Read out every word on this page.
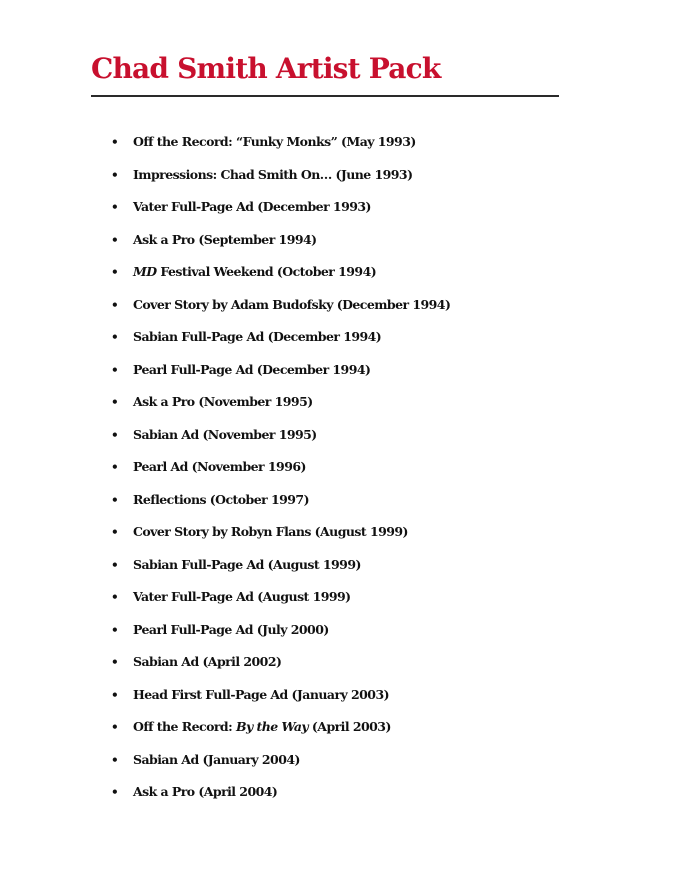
Chad Smith Artist Pack
• Off the Record: “Funky Monks” (May 1993)
• Impressions: Chad Smith On… (June 1993)
• Vater Full-Page Ad (December 1993)
• Ask a Pro (September 1994)
• MD Festival Weekend (October 1994)
• Cover Story by Adam Budofsky (December 1994)
• Sabian Full-Page Ad (December 1994)
• Pearl Full-Page Ad (December 1994)
• Ask a Pro (November 1995)
• Sabian Ad (November 1995)
• Pearl Ad (November 1996)
• Reflections (October 1997)
• Cover Story by Robyn Flans (August 1999)
• Sabian Full-Page Ad (August 1999)
• Vater Full-Page Ad (August 1999)
• Pearl Full-Page Ad (July 2000)
• Sabian Ad (April 2002)
• Head First Full-Page Ad (January 2003)
• Off the Record: By the Way (April 2003)
• Sabian Ad (January 2004)
• Ask a Pro (April 2004)
